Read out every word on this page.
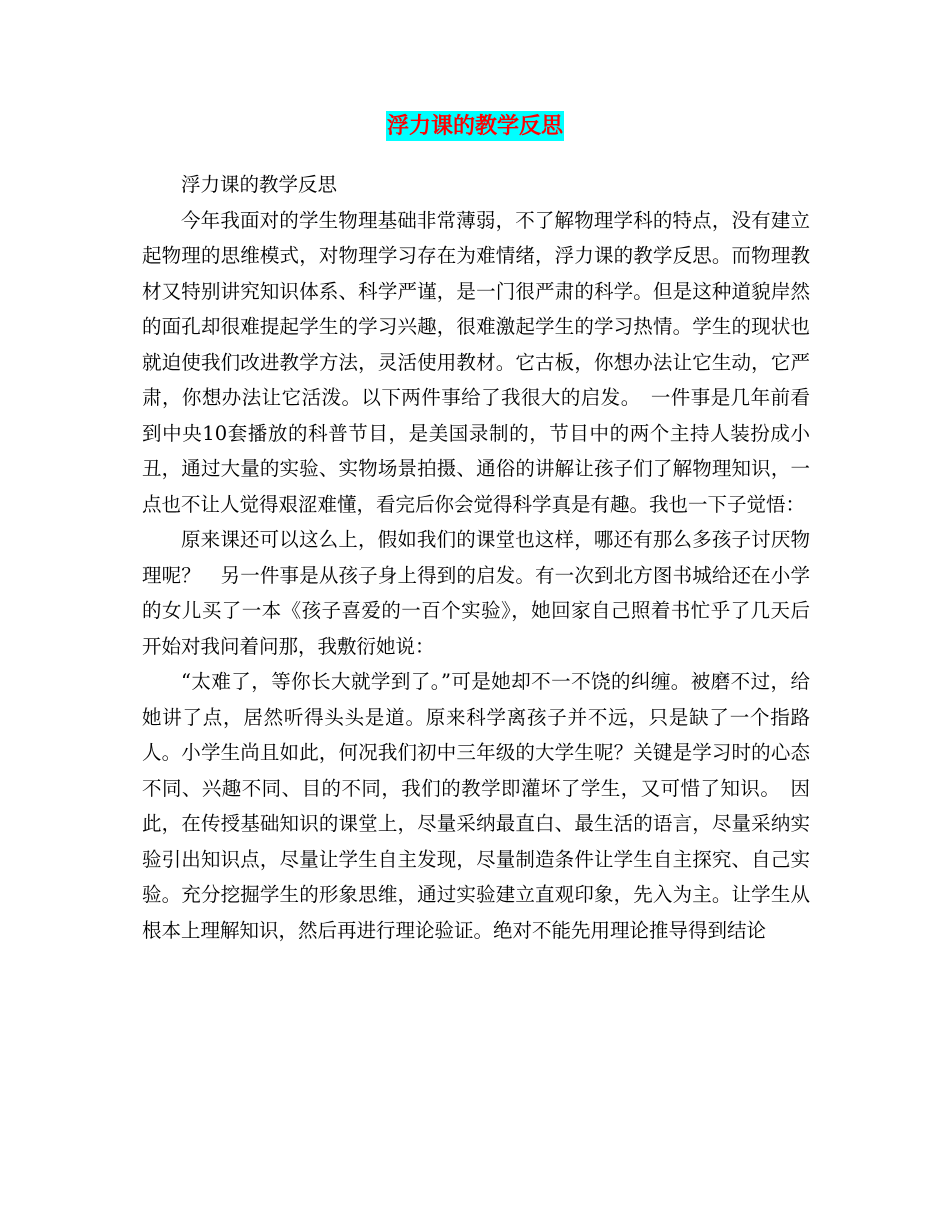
浮力课的教学反思

浮力课的教学反思

今年我面对的学生物理基础非常薄弱，不了解物理学科的特点，没有建立起物理的思维模式，对物理学习存在为难情绪，浮力课的教学反思。而物理教材又特别讲究知识体系、科学严谨，是一门很严肃的科学。但是这种道貌岸然的面孔却很难提起学生的学习兴趣，很难激起学生的学习热情。学生的现状也就迫使我们改进教学方法，灵活使用教材。它古板，你想办法让它生动，它严肃，你想办法让它活泼。以下两件事给了我很大的启发。　一件事是几年前看到中央10套播放的科普节目，是美国录制的，节目中的两个主持人装扮成小丑，通过大量的实验、实物场景拍摄、通俗的讲解让孩子们了解物理知识，一点也不让人觉得艰涩难懂，看完后你会觉得科学真是有趣。我也一下子觉悟：

原来课还可以这么上，假如我们的课堂也这样，哪还有那么多孩子讨厌物理呢？　另一件事是从孩子身上得到的启发。有一次到北方图书城给还在小学的女儿买了一本《孩子喜爱的一百个实验》，她回家自己照着书忙乎了几天后开始对我问着问那，我敷衍她说：

“太难了，等你长大就学到了。”可是她却不一不饶的纠缠。被磨不过，给她讲了点，居然听得头头是道。原来科学离孩子并不远，只是缺了一个指路人。小学生尚且如此，何况我们初中三年级的大学生呢？关键是学习时的心态不同、兴趣不同、目的不同，我们的教学即灌坏了学生，又可惜了知识。　因此，在传授基础知识的课堂上，尽量采纳最直白、最生活的语言，尽量采纳实验引出知识点，尽量让学生自主发现，尽量制造条件让学生自主探究、自己实验。充分挖掘学生的形象思维，通过实验建立直观印象，先入为主。让学生从根本上理解知识，然后再进行理论验证。绝对不能先用理论推导得到结论
